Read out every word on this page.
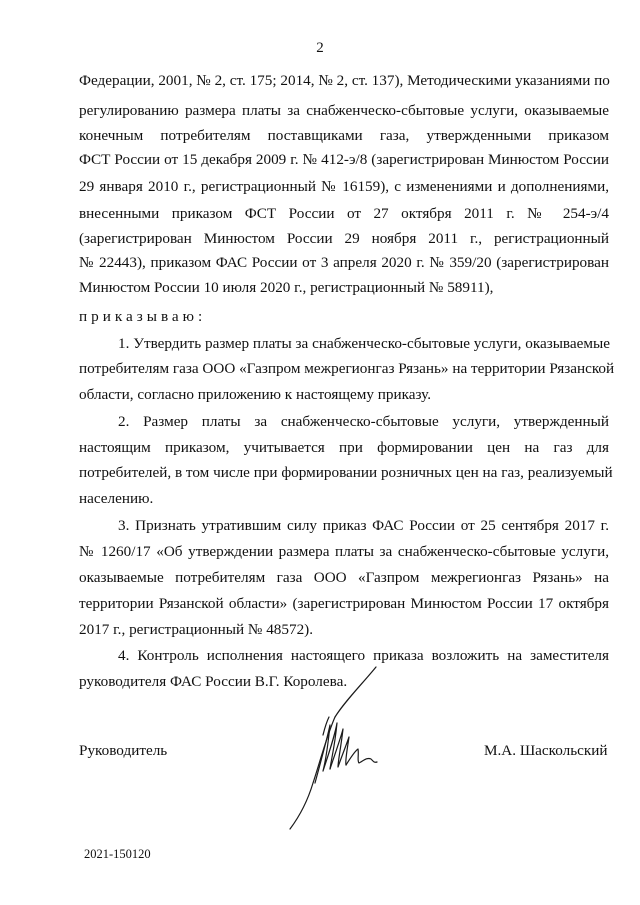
2
Федерации, 2001, № 2, ст. 175; 2014, № 2, ст. 137), Методическими указаниями по
регулированию размера платы за снабженческо-сбытовые услуги, оказываемые
конечным потребителям поставщиками газа, утвержденными приказом
ФСТ России от 15 декабря 2009 г. № 412-э/8 (зарегистрирован Минюстом России
29 января 2010 г., регистрационный № 16159), с изменениями и дополнениями,
внесенными приказом ФСТ России от 27 октября 2011 г. № 254-э/4
(зарегистрирован Минюстом России 29 ноября 2011 г., регистрационный
№ 22443), приказом ФАС России от 3 апреля 2020 г. № 359/20 (зарегистрирован
Минюстом России 10 июля 2020 г., регистрационный № 58911),
приказываю:
1. Утвердить размер платы за снабженческо-сбытовые услуги, оказываемые
потребителям газа ООО «Газпром межрегионгаз Рязань» на территории Рязанской
области, согласно приложению к настоящему приказу.
2. Размер платы за снабженческо-сбытовые услуги, утвержденный
настоящим приказом, учитывается при формировании цен на газ для
потребителей, в том числе при формировании розничных цен на газ, реализуемый
населению.
3. Признать утратившим силу приказ ФАС России от 25 сентября 2017 г.
№ 1260/17 «Об утверждении размера платы за снабженческо-сбытовые услуги,
оказываемые потребителям газа ООО «Газпром межрегионгаз Рязань» на
территории Рязанской области» (зарегистрирован Минюстом России 17 октября
2017 г., регистрационный № 48572).
4. Контроль исполнения настоящего приказа возложить на заместителя
руководителя ФАС России В.Г. Королева.
Руководитель	М.А. Шаскольский
2021-150120
